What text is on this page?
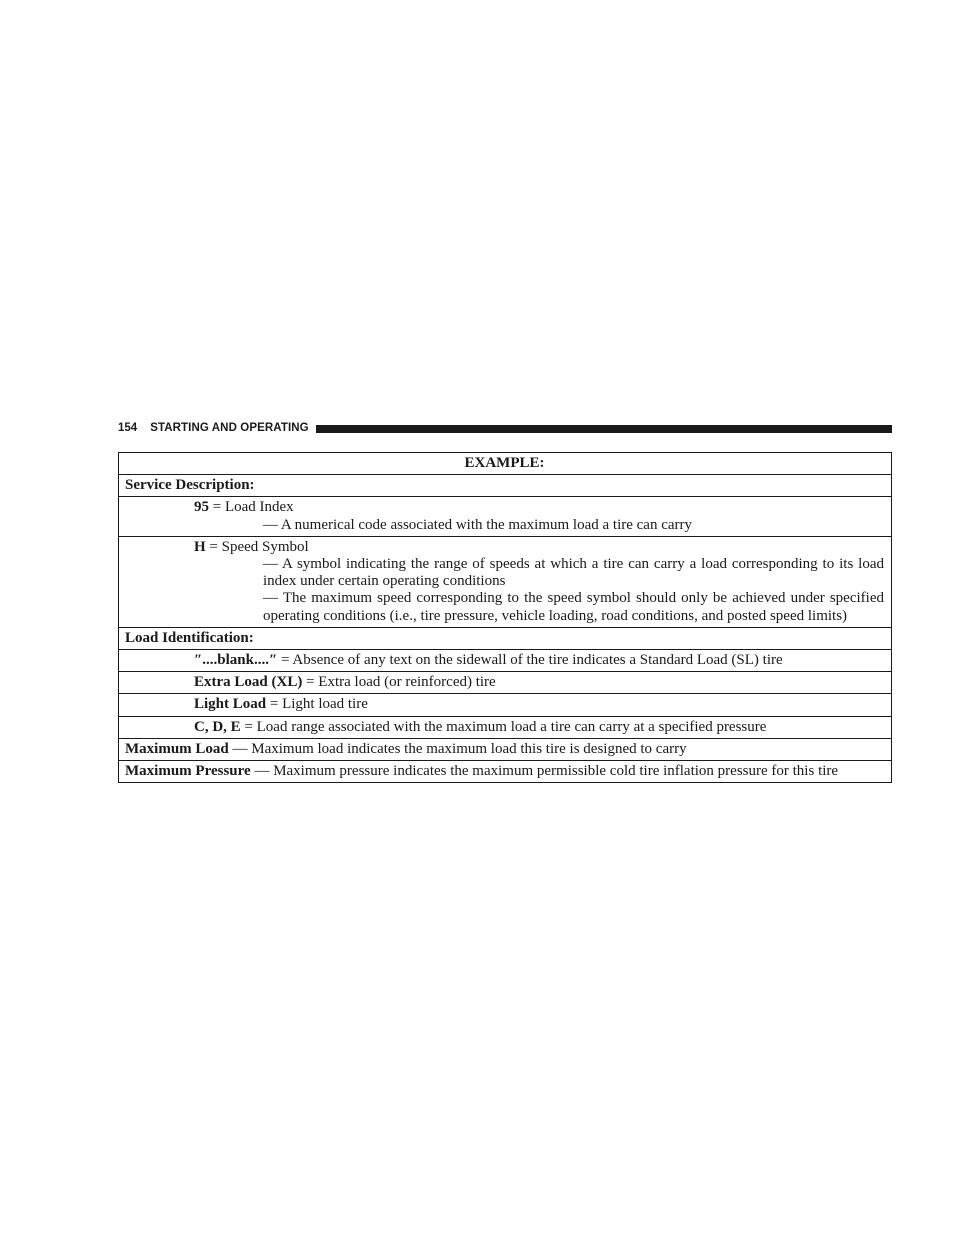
154 STARTING AND OPERATING
EXAMPLE:
Service Description:
95 = Load Index
— A numerical code associated with the maximum load a tire can carry
H = Speed Symbol
— A symbol indicating the range of speeds at which a tire can carry a load corresponding to its load index under certain operating conditions
— The maximum speed corresponding to the speed symbol should only be achieved under specified operating conditions (i.e., tire pressure, vehicle loading, road conditions, and posted speed limits)
Load Identification:
″....blank....″ = Absence of any text on the sidewall of the tire indicates a Standard Load (SL) tire
Extra Load (XL) = Extra load (or reinforced) tire
Light Load = Light load tire
C, D, E = Load range associated with the maximum load a tire can carry at a specified pressure
Maximum Load — Maximum load indicates the maximum load this tire is designed to carry
Maximum Pressure — Maximum pressure indicates the maximum permissible cold tire inflation pressure for this tire
